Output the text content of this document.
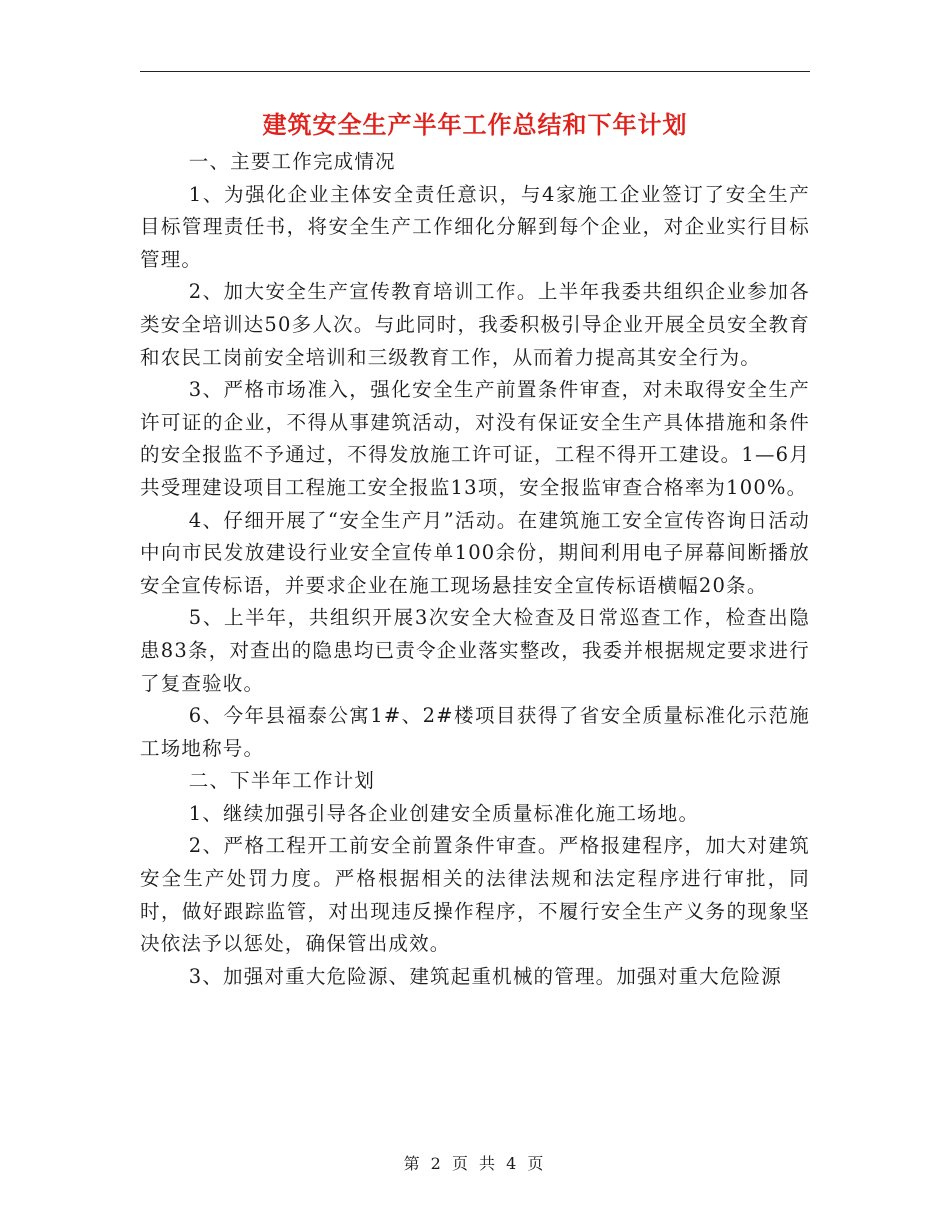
建筑安全生产半年工作总结和下年计划

一、主要工作完成情况

1、为强化企业主体安全责任意识，与4家施工企业签订了安全生产目标管理责任书，将安全生产工作细化分解到每个企业，对企业实行目标管理。

2、加大安全生产宣传教育培训工作。上半年我委共组织企业参加各类安全培训达50多人次。与此同时，我委积极引导企业开展全员安全教育和农民工岗前安全培训和三级教育工作，从而着力提高其安全行为。

3、严格市场准入，强化安全生产前置条件审查，对未取得安全生产许可证的企业，不得从事建筑活动，对没有保证安全生产具体措施和条件的安全报监不予通过，不得发放施工许可证，工程不得开工建设。1—6月共受理建设项目工程施工安全报监13项，安全报监审查合格率为100%。

4、仔细开展了“安全生产月”活动。在建筑施工安全宣传咨询日活动中向市民发放建设行业安全宣传单100余份，期间利用电子屏幕间断播放安全宣传标语，并要求企业在施工现场悬挂安全宣传标语横幅20条。

5、上半年，共组织开展3次安全大检查及日常巡查工作，检查出隐患83条，对查出的隐患均已责令企业落实整改，我委并根据规定要求进行了复查验收。

6、今年县福泰公寓1#、2#楼项目获得了省安全质量标准化示范施工场地称号。

二、下半年工作计划

1、继续加强引导各企业创建安全质量标准化施工场地。

2、严格工程开工前安全前置条件审查。严格报建程序，加大对建筑安全生产处罚力度。严格根据相关的法律法规和法定程序进行审批，同时，做好跟踪监管，对出现违反操作程序，不履行安全生产义务的现象坚决依法予以惩处，确保管出成效。

3、加强对重大危险源、建筑起重机械的管理。加强对重大危险源

第 2 页 共 4 页
